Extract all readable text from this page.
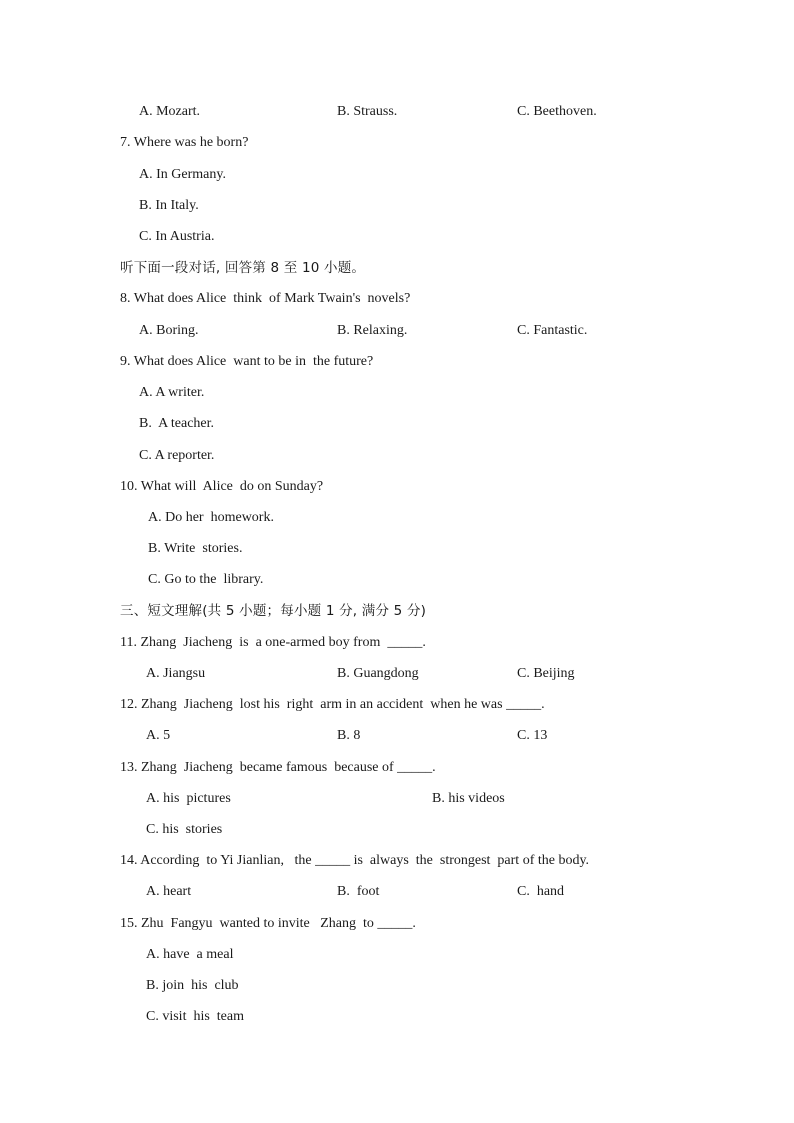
A. Mozart.	B. Strauss.	C. Beethoven.
7. Where was he born?
A. In Germany.
B. In Italy.
C. In Austria.
听下面一段对话, 回答第 8 至 10 小题。
8. What does Alice  think  of Mark Twain's  novels?
A. Boring.	B. Relaxing.	C. Fantastic.
9. What does Alice  want to be in  the future?
A. A writer.
B.  A teacher.
C. A reporter.
10. What will  Alice  do on Sunday?
A. Do her  homework.
B. Write  stories.
C. Go to the  library.
三、短文理解(共 5 小题；每小题 1 分, 满分 5 分)
11. Zhang  Jiacheng  is  a one-armed boy from  _____.
A. Jiangsu	B. Guangdong	C. Beijing
12. Zhang  Jiacheng  lost his  right  arm in an accident  when he was _____.
A. 5	B. 8	C. 13
13. Zhang  Jiacheng  became famous  because of _____.
A. his  pictures	B. his videos
C. his  stories
14. According  to Yi Jianlian,   the _____ is  always  the  strongest  part of the body.
A. heart	B.  foot	C.  hand
15. Zhu  Fangyu  wanted to invite   Zhang  to _____.
A. have  a meal
B. join  his  club
C. visit  his  team
